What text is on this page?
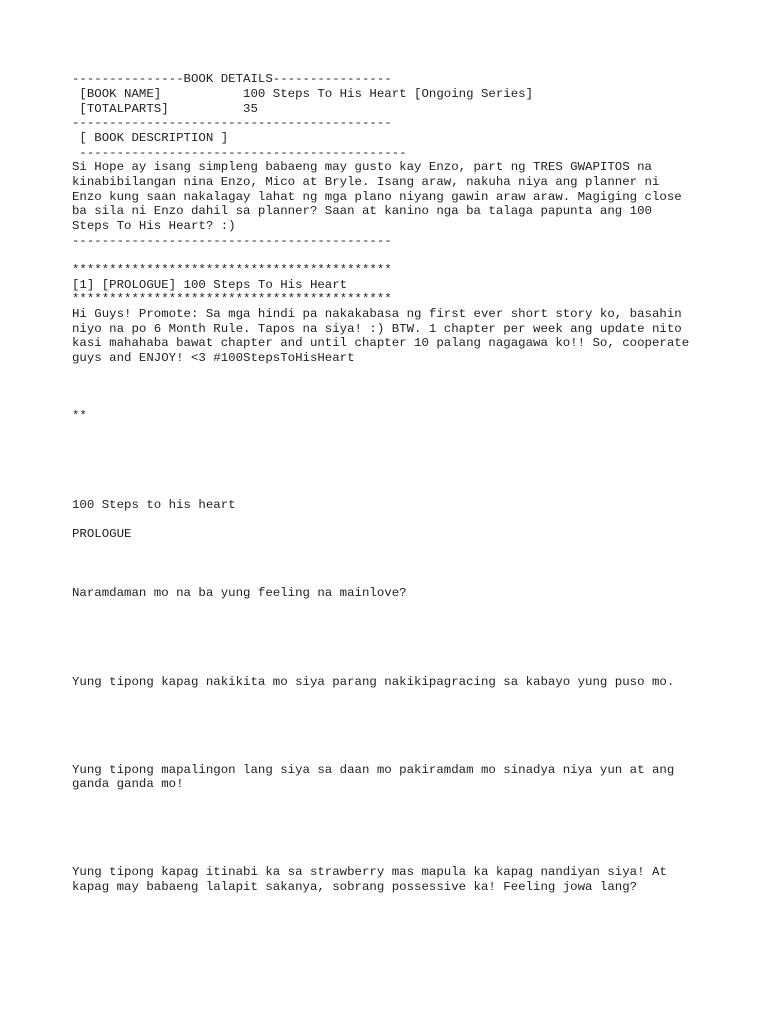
---------------BOOK DETAILS----------------

[BOOK NAME]           100 Steps To His Heart [Ongoing Series]

[TOTALPARTS]          35

-------------------------------------------

[ BOOK DESCRIPTION ]

--------------------------------------------

Si Hope ay isang simpleng babaeng may gusto kay Enzo, part ng TRES GWAPITOS na

kinabibilangan nina Enzo, Mico at Bryle. Isang araw, nakuha niya ang planner ni

Enzo kung saan nakalagay lahat ng mga plano niyang gawin araw araw. Magiging close

ba sila ni Enzo dahil sa planner? Saan at kanino nga ba talaga papunta ang 100

Steps To His Heart? :)

-------------------------------------------

*******************************************

[1] [PROLOGUE] 100 Steps To His Heart

*******************************************

Hi Guys! Promote: Sa mga hindi pa nakakabasa ng first ever short story ko, basahin

niyo na po 6 Month Rule. Tapos na siya! :) BTW. 1 chapter per week ang update nito

kasi mahahaba bawat chapter and until chapter 10 palang nagagawa ko!! So, cooperate

guys and ENJOY! <3 #100StepsToHisHeart

**

100 Steps to his heart

PROLOGUE

Naramdaman mo na ba yung feeling na mainlove?

Yung tipong kapag nakikita mo siya parang nakikipagracing sa kabayo yung puso mo.

Yung tipong mapalingon lang siya sa daan mo pakiramdam mo sinadya niya yun at ang

ganda ganda mo!

Yung tipong kapag itinabi ka sa strawberry mas mapula ka kapag nandiyan siya! At

kapag may babaeng lalapit sakanya, sobrang possessive ka! Feeling jowa lang?
